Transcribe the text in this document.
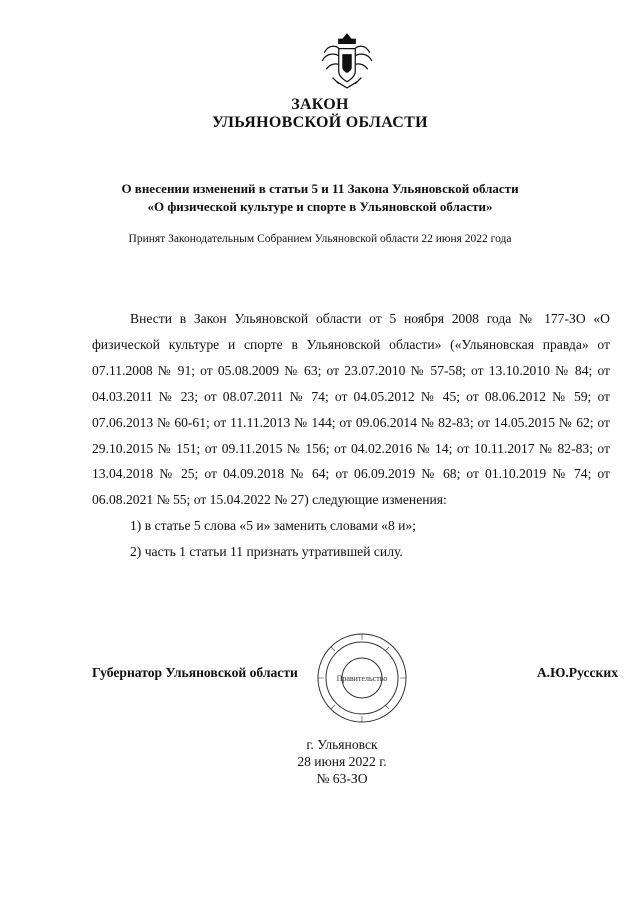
ЗАКОН
УЛЬЯНОВСКОЙ ОБЛАСТИ
О внесении изменений в статьи 5 и 11 Закона Ульяновской области
«О физической культуре и спорте в Ульяновской области»
Принят Законодательным Собранием Ульяновской области 22 июня 2022 года

Внести в Закон Ульяновской области от 5 ноября 2008 года № 177-ЗО «О физической культуре и спорте в Ульяновской области» («Ульяновская правда» от 07.11.2008 № 91; от 05.08.2009 № 63; от 23.07.2010 № 57-58; от 13.10.2010 № 84; от 04.03.2011 № 23; от 08.07.2011 № 74; от 04.05.2012 № 45; от 08.06.2012 № 59; от 07.06.2013 № 60-61; от 11.11.2013 № 144; от 09.06.2014 № 82-83; от 14.05.2015 № 62; от 29.10.2015 № 151; от 09.11.2015 № 156; от 04.02.2016 № 14; от 10.11.2017 № 82-83; от 13.04.2018 № 25; от 04.09.2018 № 64; от 06.09.2019 № 68; от 01.10.2019 № 74; от 06.08.2021 № 55; от 15.04.2022 № 27) следующие изменения:

1) в статье 5 слова «5 и» заменить словами «8 и»;

2) часть 1 статьи 11 признать утратившей силу.

Правительство
Губернатор Ульяновской области	А.Ю.Русских
г. Ульяновск
28 июня 2022 г.
№ 63-ЗО
